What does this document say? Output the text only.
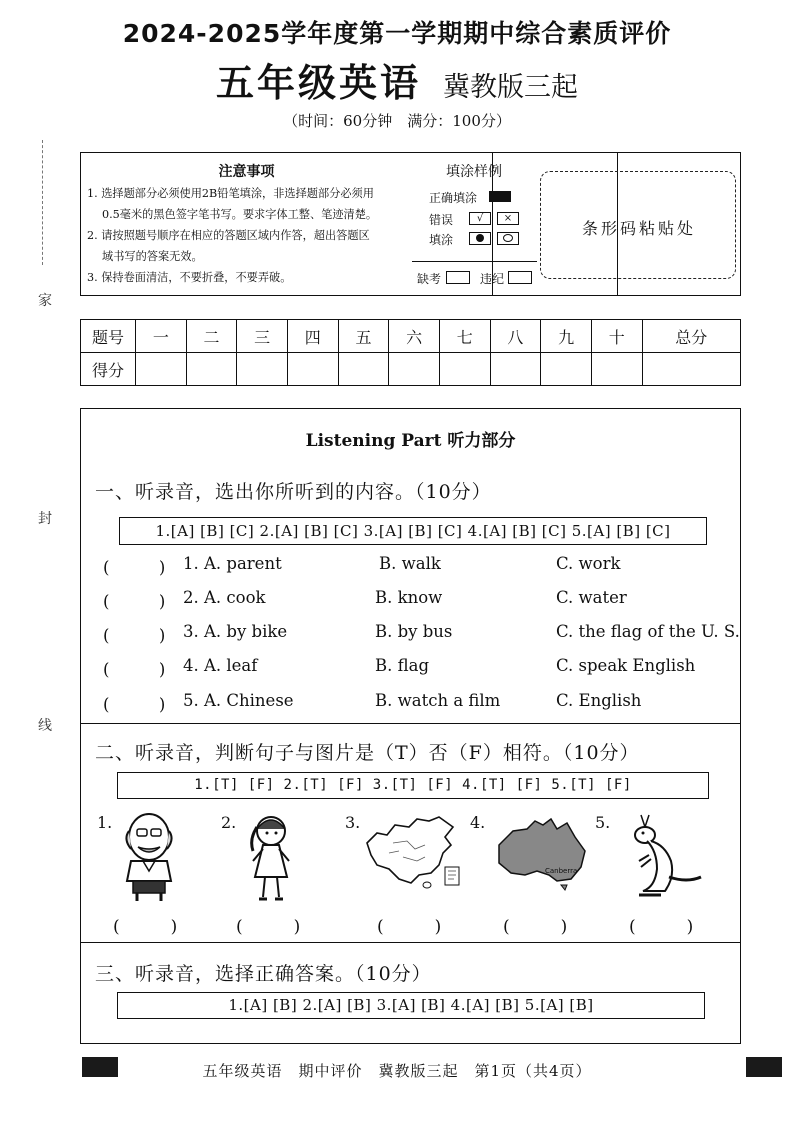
2024-2025学年度第一学期期中综合素质评价
五年级英语 冀教版三起
（时间：60分钟　满分：100分）
家
封
线
注意事项
1. 选择题部分必须使用2B铅笔填涂，非选择题部分必须用
0.5毫米的黑色签字笔书写。要求字体工整、笔迹清楚。
2. 请按照题号顺序在相应的答题区域内作答，超出答题区
域书写的答案无效。
3. 保持卷面清洁，不要折叠，不要弄破。
填涂样例
正确填涂
错误
填涂
√	×
缺考	违纪
条形码粘贴处
题号	一	二	三	四	五	六	七	八	九	十	总分
得分											
Listening Part 听力部分
一、听录音，选出你所听到的内容。（10分）
1.[A] [B] [C] 2.[A] [B] [C] 3.[A] [B] [C] 4.[A] [B] [C] 5.[A] [B] [C]
(　　　) 1. A. parent	B. walk	C. work
(　　　) 2. A. cook	B. know	C. water
(　　　) 3. A. by bike	B. by bus	C. the flag of the U. S.
(　　　) 4. A. leaf	B. flag	C. speak English
(　　　) 5. A. Chinese	B. watch a film	C. English
二、听录音，判断句子与图片是（T）否（F）相符。（10分）
1.[T] [F] 2.[T] [F] 3.[T] [F] 4.[T] [F] 5.[T] [F]
1.	2.	3.	4.
Canberra
5.
(　　　)	(　　　)	(　　　)	(　　　)	(　　　)
三、听录音，选择正确答案。（10分）
1.[A] [B] 2.[A] [B] 3.[A] [B] 4.[A] [B] 5.[A] [B]
五年级英语　期中评价　冀教版三起　第1页（共4页）
